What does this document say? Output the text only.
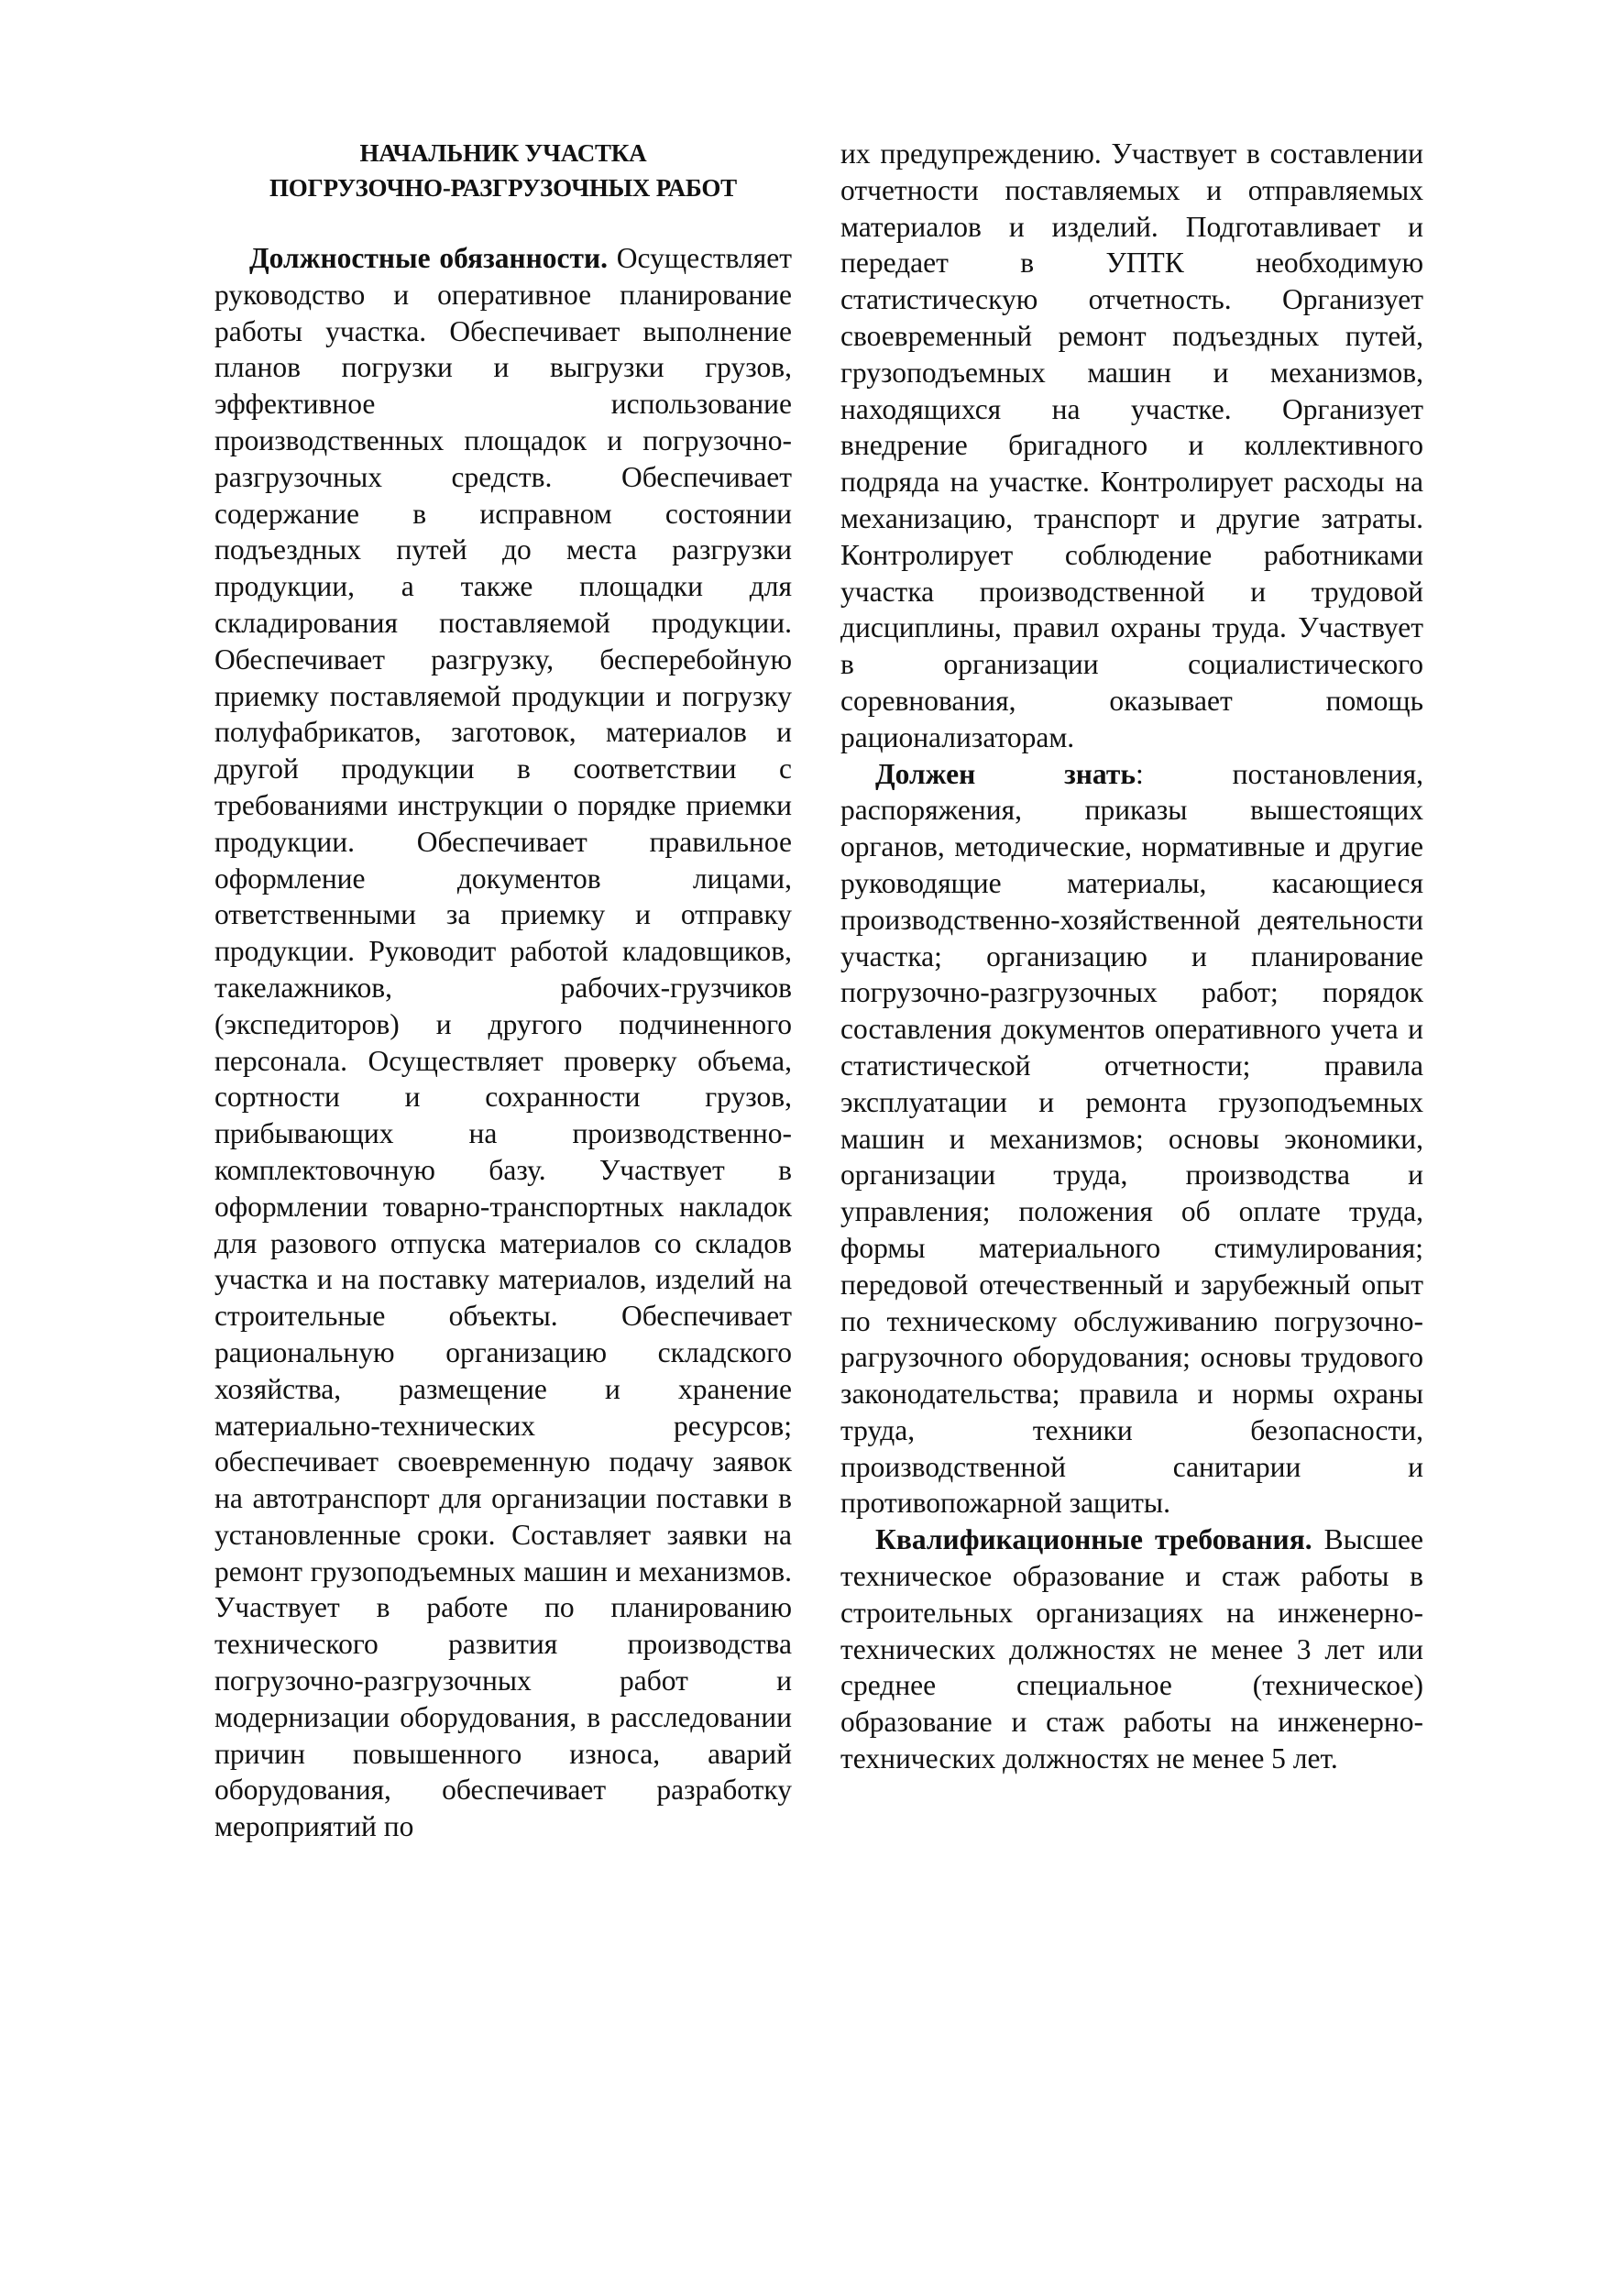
НАЧАЛЬНИК УЧАСТКА
ПОГРУЗОЧНО-РАЗГРУЗОЧНЫХ РАБОТ

Должностные обязанности. Осуществляет руководство и оперативное планирование работы участка. Обеспечивает выполнение планов погрузки и выгрузки грузов, эффективное использование производственных площадок и погрузочно-разгрузочных средств. Обеспечивает содержание в исправном состоянии подъездных путей до места разгрузки продукции, а также площадки для складирования поставляемой продукции. Обеспечивает разгрузку, бесперебойную приемку поставляемой продукции и погрузку полуфабрикатов, заготовок, материалов и другой продукции в соответствии с требованиями инструкции о порядке приемки продукции. Обеспечивает правильное оформление документов лицами, ответственными за приемку и отправку продукции. Руководит работой кладовщиков, такелажников, рабочих-грузчиков (экспедиторов) и другого подчиненного персонала. Осуществляет проверку объема, сортности и сохранности грузов, прибывающих на производственно-комплектовочную базу. Участвует в оформлении товарно-транспортных накладок для разового отпуска материалов со складов участка и на поставку материалов, изделий на строительные объекты. Обеспечивает рациональную организацию складского хозяйства, размещение и хранение материально-технических ресурсов; обеспечивает своевременную подачу заявок на автотранспорт для организации поставки в установленные сроки. Составляет заявки на ремонт грузоподъемных машин и механизмов. Участвует в работе по планированию технического развития производства погрузочно-разгрузочных работ и модернизации оборудования, в расследовании причин повышенного износа, аварий оборудования, обеспечивает разработку мероприятий по

их предупреждению. Участвует в составлении отчетности поставляемых и отправляемых материалов и изделий. Подготавливает и передает в УПТК необходимую статистическую отчетность. Организует своевременный ремонт подъездных путей, грузоподъемных машин и механизмов, находящихся на участке. Организует внедрение бригадного и коллективного подряда на участке. Контролирует расходы на механизацию, транспорт и другие затраты. Контролирует соблюдение работниками участка производственной и трудовой дисциплины, правил охраны труда. Участвует в организации социалистического соревнования, оказывает помощь рационализаторам.

Должен знать: постановления, распоряжения, приказы вышестоящих органов, методические, нормативные и другие руководящие материалы, касающиеся производственно-хозяйственной деятельности участка; организацию и планирование погрузочно-разгрузочных работ; порядок составления документов оперативного учета и статистической отчетности; правила эксплуатации и ремонта грузоподъемных машин и механизмов; основы экономики, организации труда, производства и управления; положения об оплате труда, формы материального стимулирования; передовой отечественный и зарубежный опыт по техническому обслуживанию погрузочно-рагрузочного оборудования; основы трудового законодательства; правила и нормы охраны труда, техники безопасности, производственной санитарии и противопожарной защиты.

Квалификационные требования. Высшее техническое образование и стаж работы в строительных организациях на инженерно-технических должностях не менее 3 лет или среднее специальное (техническое) образование и стаж работы на инженерно-технических должностях не менее 5 лет.
